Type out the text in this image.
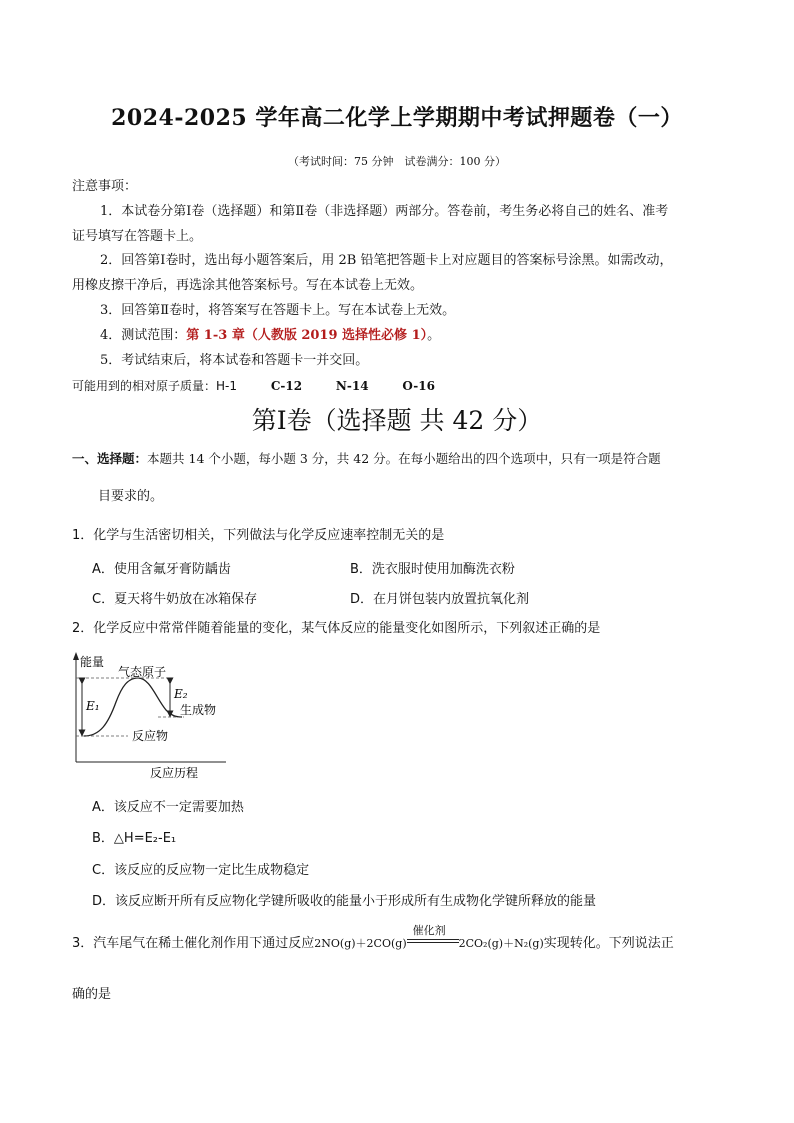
2024-2025 学年高二化学上学期期中考试押题卷（一）
（考试时间：75 分钟　试卷满分：100 分）
注意事项：
1．本试卷分第Ⅰ卷（选择题）和第Ⅱ卷（非选择题）两部分。答卷前，考生务必将自己的姓名、准考
证号填写在答题卡上。
2．回答第Ⅰ卷时，选出每小题答案后，用 2B 铅笔把答题卡上对应题目的答案标号涂黑。如需改动，
用橡皮擦干净后，再选涂其他答案标号。写在本试卷上无效。
3．回答第Ⅱ卷时，将答案写在答题卡上。写在本试卷上无效。
4．测试范围：第 1-3 章（人教版 2019 选择性必修 1）。
5．考试结束后，将本试卷和答题卡一并交回。
可能用到的相对原子质量：H-1	C-12	N-14	O-16
第Ⅰ卷（选择题 共 42 分）
一、选择题：本题共 14 个小题，每小题 3 分，共 42 分。在每小题给出的四个选项中，只有一项是符合题
目要求的。
1．化学与生活密切相关，下列做法与化学反应速率控制无关的是
A．使用含氟牙膏防龋齿	B．洗衣服时使用加酶洗衣粉
C．夏天将牛奶放在冰箱保存	D．在月饼包装内放置抗氧化剂
2．化学反应中常常伴随着能量的变化，某气体反应的能量变化如图所示，下列叙述正确的是
能量
气态原子
E₁
E₂
生成物
反应物
反应历程
A．该反应不一定需要加热
B．△H=E₂-E₁
C．该反应的反应物一定比生成物稳定
D．该反应断开所有反应物化学键所吸收的能量小于形成所有生成物化学键所释放的能量
3．汽车尾气在稀土催化剂作用下通过反应2NO(g)＋2CO(g)
催化剂
2CO₂(g)＋N₂(g)实现转化。下列说法正
确的是
